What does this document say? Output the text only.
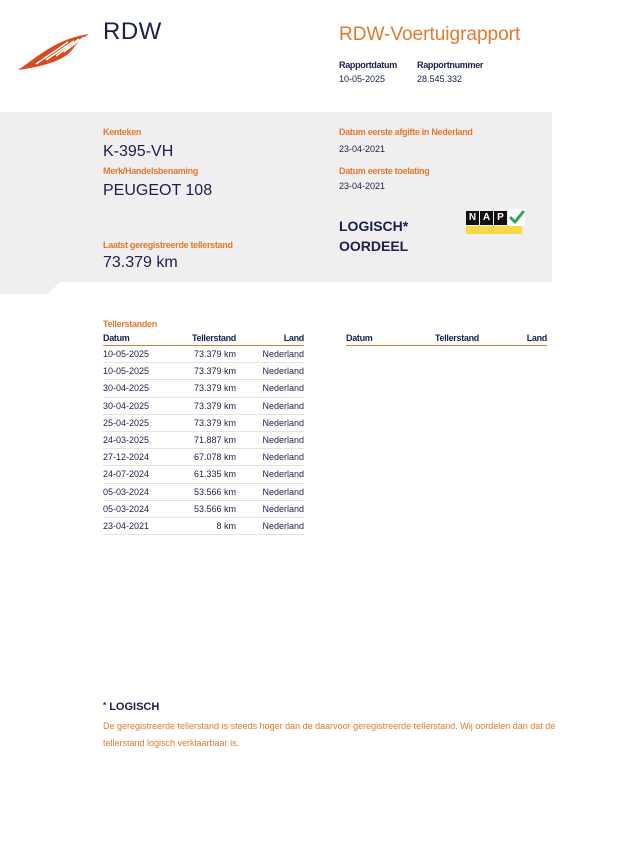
RDW	RDW-Voertuigrapport
Rapportdatum
10-05-2025
Rapportnummer
28.545.332
Kenteken
K-395-VH
Merk/Handelsbenaming
PEUGEOT 108
Laatst geregistreerde tellerstand
73.379 km
Datum eerste afgifte in Nederland
23-04-2021
Datum eerste toelating
23-04-2021
LOGISCH*
OORDEEL
N A P
Tellerstanden
Datum	Tellerstand	Land
10-05-2025	73.379 km	Nederland
10-05-2025	73.379 km	Nederland
30-04-2025	73.379 km	Nederland
30-04-2025	73.379 km	Nederland
25-04-2025	73.379 km	Nederland
24-03-2025	71.887 km	Nederland
27-12-2024	67.078 km	Nederland
24-07-2024	61.335 km	Nederland
05-03-2024	53.566 km	Nederland
05-03-2024	53.566 km	Nederland
23-04-2021	8 km	Nederland
Datum	Tellerstand	Land
* LOGISCH
De geregistreerde tellerstand is steeds hoger dan de daarvoor geregistreerde tellerstand. Wij oordelen dan dat de tellerstand logisch verklaarbaar is.
